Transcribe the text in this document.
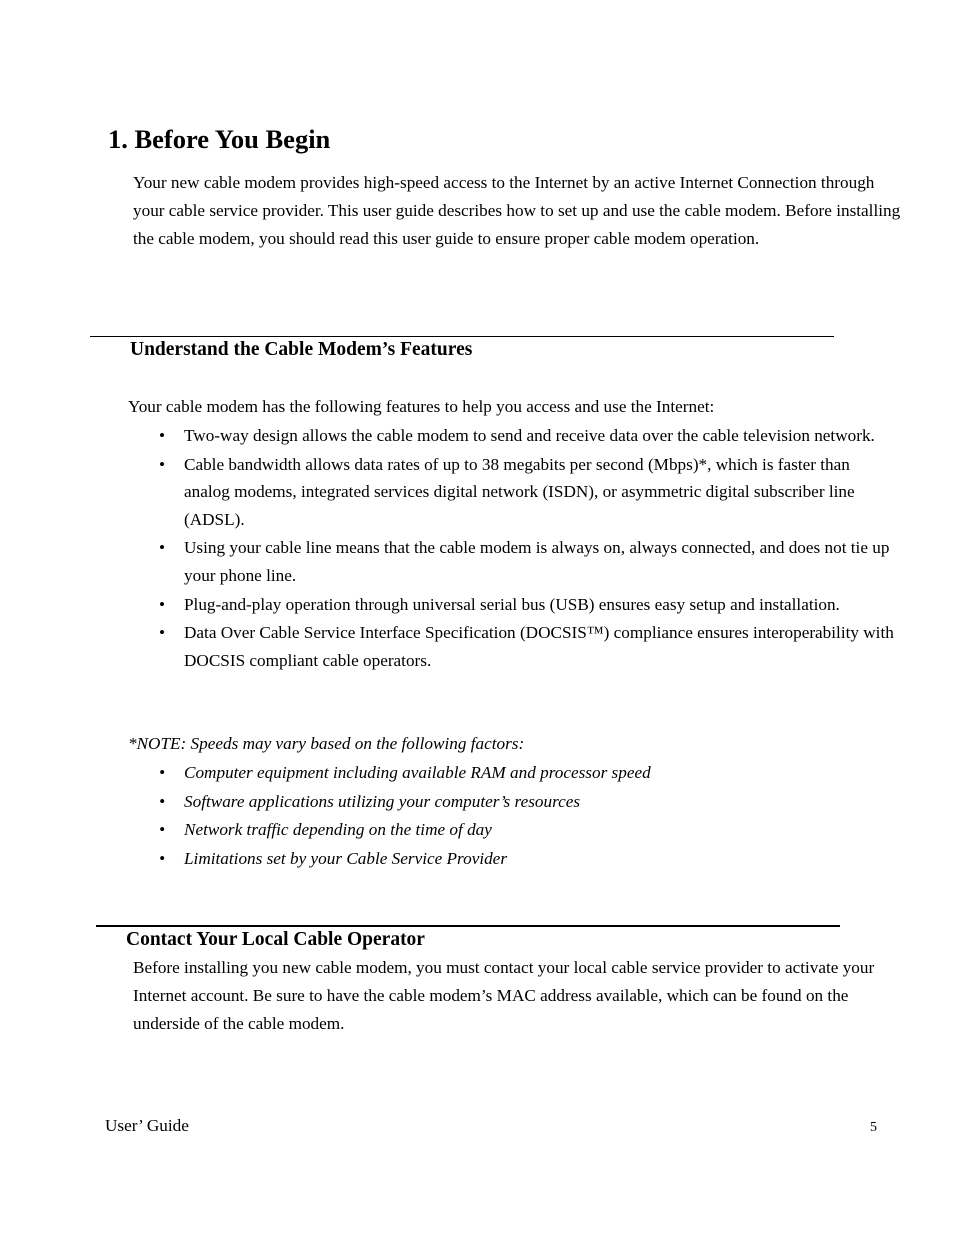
1. Before You Begin

Your new cable modem provides high-speed access to the Internet by an active Internet Connection through your cable service provider. This user guide describes how to set up and use the cable modem. Before installing the cable modem, you should read this user guide to ensure proper cable modem operation.

Understand the Cable Modem’s Features

Your cable modem has the following features to help you access and use the Internet:

• Two-way design allows the cable modem to send and receive data over the cable television network.
• Cable bandwidth allows data rates of up to 38 megabits per second (Mbps)*, which is faster than analog modems, integrated services digital network (ISDN), or asymmetric digital subscriber line (ADSL).
• Using your cable line means that the cable modem is always on, always connected, and does not tie up your phone line.
• Plug-and-play operation through universal serial bus (USB) ensures easy setup and installation.
• Data Over Cable Service Interface Specification (DOCSIS™) compliance ensures interoperability with DOCSIS compliant cable operators.

*NOTE: Speeds may vary based on the following factors:

• Computer equipment including available RAM and processor speed
• Software applications utilizing your computer’s resources
• Network traffic depending on the time of day
• Limitations set by your Cable Service Provider
Contact Your Local Cable Operator

Before installing you new cable modem, you must contact your local cable service provider to activate your Internet account. Be sure to have the cable modem’s MAC address available, which can be found on the underside of the cable modem.

User’ Guide	5
